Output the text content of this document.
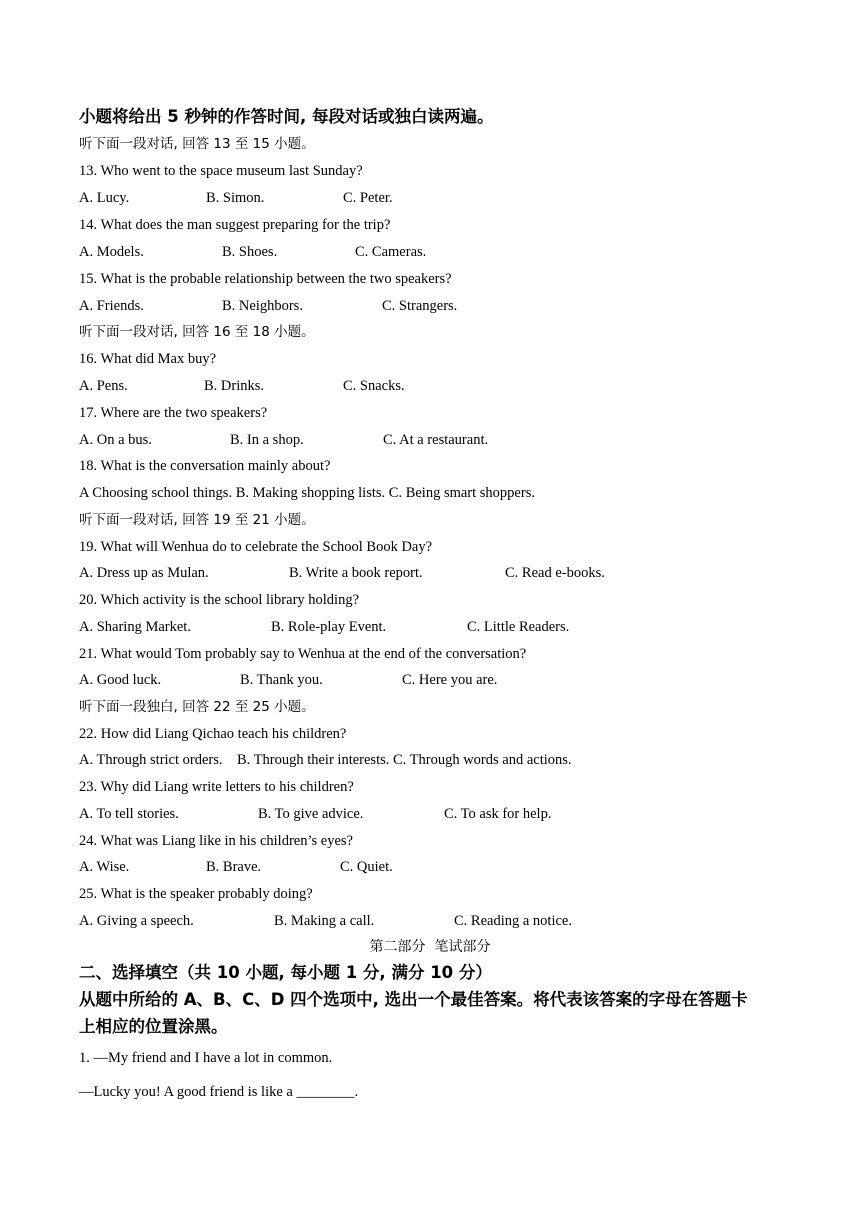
小题将给出 5 秒钟的作答时间, 每段对话或独白读两遍。
听下面一段对话, 回答 13 至 15 小题。
13. Who went to the space museum last Sunday?
A. Lucy.	B. Simon.	C. Peter.
14. What does the man suggest preparing for the trip?
A. Models.	B. Shoes.	C. Cameras.
15. What is the probable relationship between the two speakers?
A. Friends.	B. Neighbors.	C. Strangers.
听下面一段对话, 回答 16 至 18 小题。
16. What did Max buy?
A. Pens.	B. Drinks.	C. Snacks.
17. Where are the two speakers?
A. On a bus.	B. In a shop.	C. At a restaurant.
18. What is the conversation mainly about?
A Choosing school things. B. Making shopping lists. C. Being smart shoppers.
听下面一段对话, 回答 19 至 21 小题。
19. What will Wenhua do to celebrate the School Book Day?
A. Dress up as Mulan.	B. Write a book report.	C. Read e-books.
20. Which activity is the school library holding?
A. Sharing Market.	B. Role-play Event.	C. Little Readers.
21. What would Tom probably say to Wenhua at the end of the conversation?
A. Good luck.	B. Thank you.	C. Here you are.
听下面一段独白, 回答 22 至 25 小题。
22. How did Liang Qichao teach his children?
A. Through strict orders.    B. Through their interests. C. Through words and actions.
23. Why did Liang write letters to his children?
A. To tell stories.	B. To give advice.	C. To ask for help.
24. What was Liang like in his children’s eyes?
A. Wise.	B. Brave.	C. Quiet.
25. What is the speaker probably doing?
A. Giving a speech.	B. Making a call.	C. Reading a notice.
第二部分  笔试部分
二、选择填空（共 10 小题, 每小题 1 分, 满分 10 分）
从题中所给的 A、B、C、D 四个选项中, 选出一个最佳答案。将代表该答案的字母在答题卡
上相应的位置涂黑。
1. —My friend and I have a lot in common.
—Lucky you! A good friend is like a ________.
